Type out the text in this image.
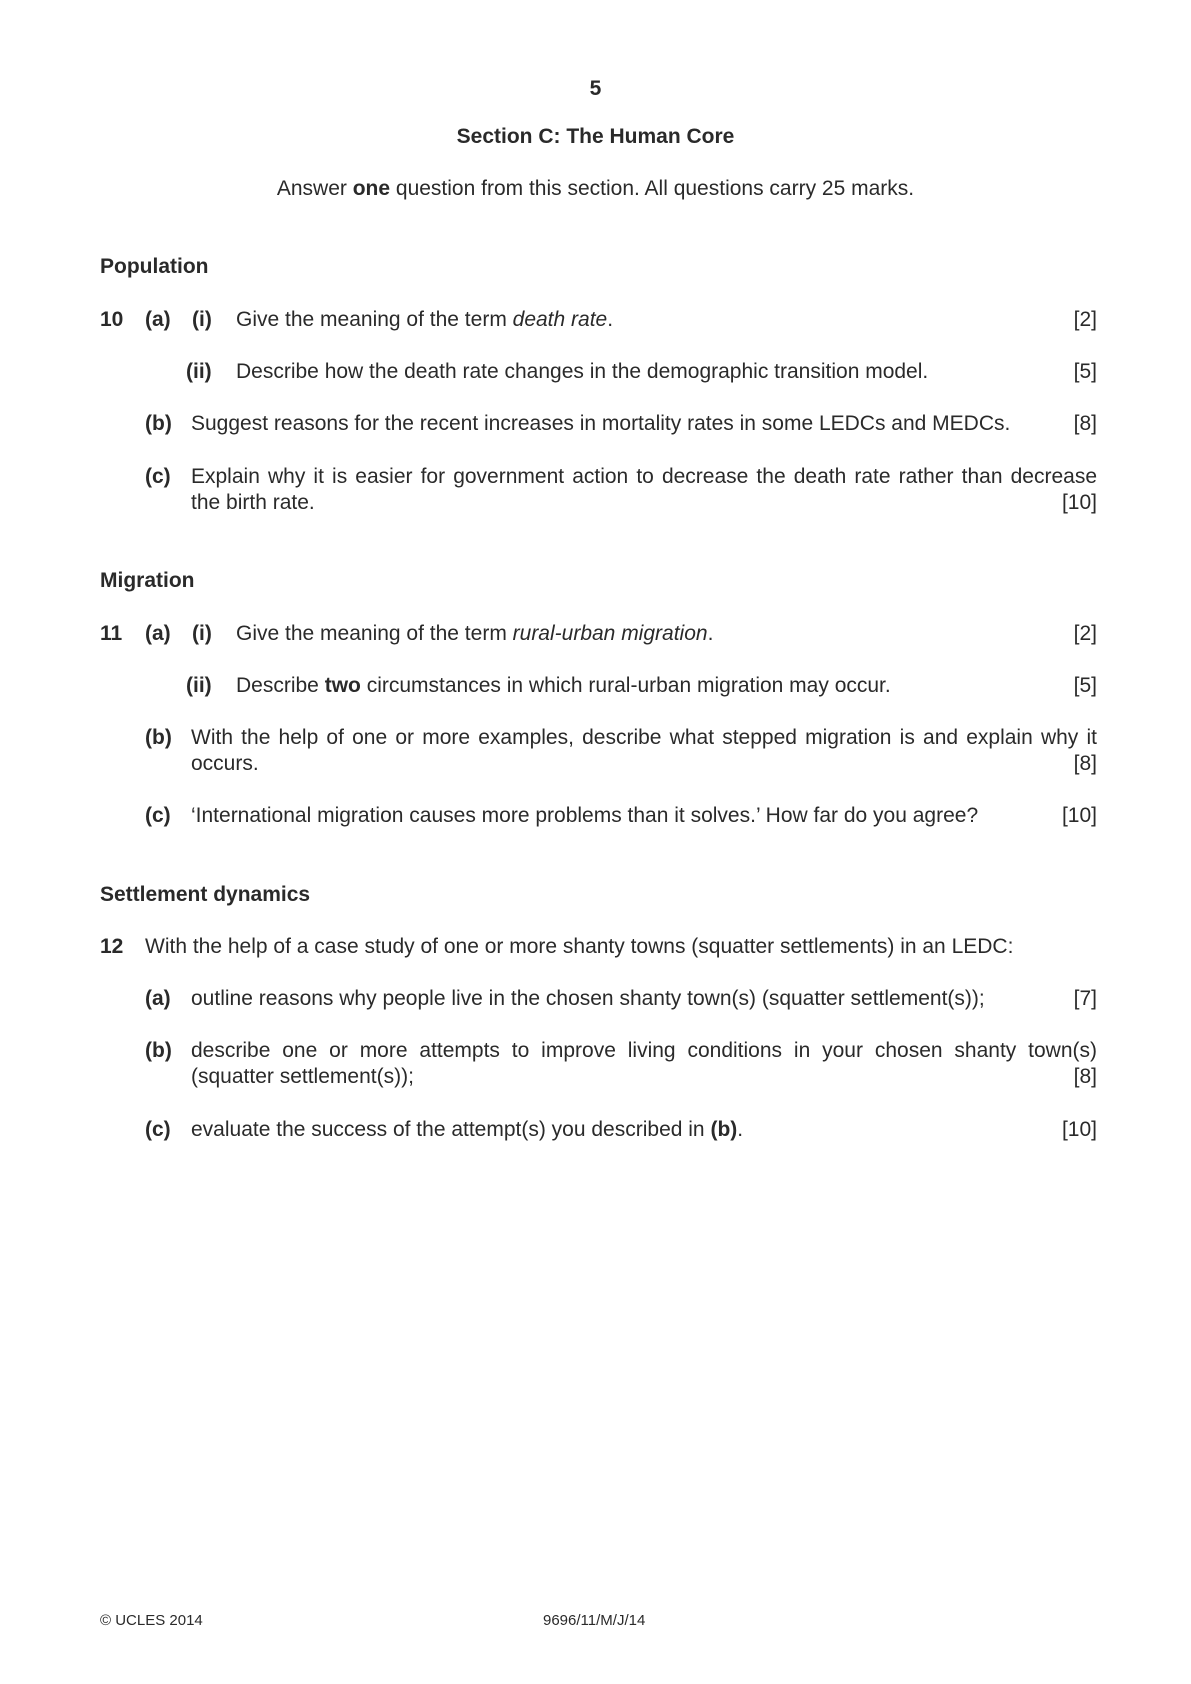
5
Section C: The Human Core
Answer one question from this section. All questions carry 25 marks.
Population
10 (a) (i) Give the meaning of the term death rate.	[2]
(ii) Describe how the death rate changes in the demographic transition model.	[5]
(b) Suggest reasons for the recent increases in mortality rates in some LEDCs and MEDCs.	[8]
(c) Explain why it is easier for government action to decrease the death rate rather than decrease
the birth rate.	[10]
Migration
11 (a) (i) Give the meaning of the term rural-urban migration.	[2]
(ii) Describe two circumstances in which rural-urban migration may occur.	[5]
(b) With the help of one or more examples, describe what stepped migration is and explain why it
occurs.	[8]
(c) ‘International migration causes more problems than it solves.’ How far do you agree?	[10]
Settlement dynamics
12 With the help of a case study of one or more shanty towns (squatter settlements) in an LEDC:
(a) outline reasons why people live in the chosen shanty town(s) (squatter settlement(s));	[7]
(b) describe one or more attempts to improve living conditions in your chosen shanty town(s)
(squatter settlement(s));	[8]
(c) evaluate the success of the attempt(s) you described in (b).	[10]
© UCLES 2014	9696/11/M/J/14
